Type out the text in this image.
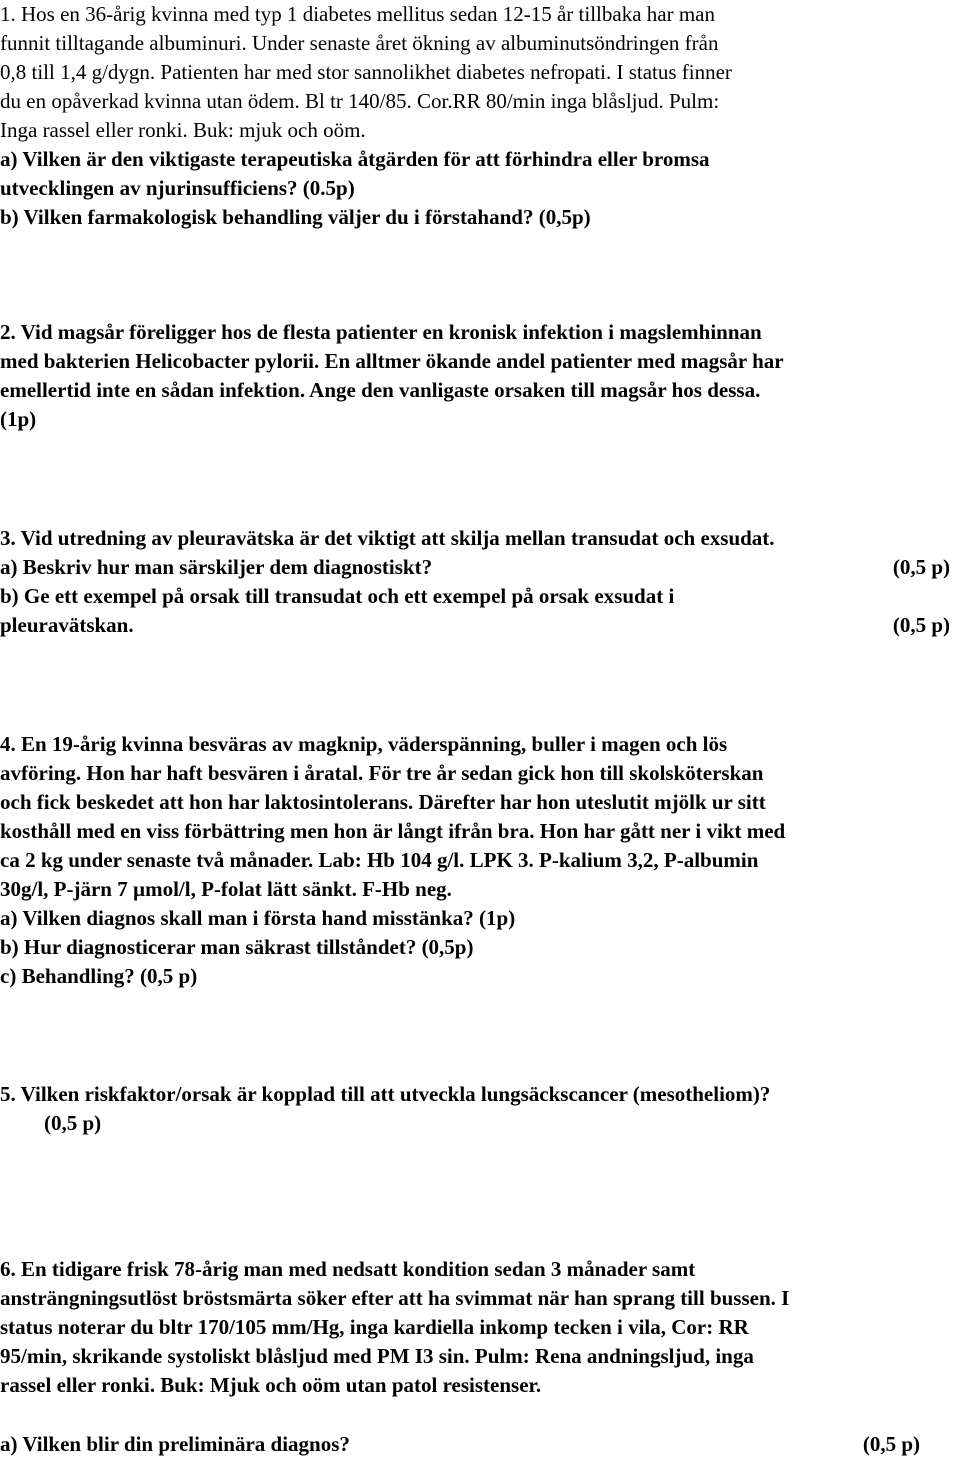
1. Hos en 36-årig kvinna med typ 1 diabetes mellitus sedan 12-15 år tillbaka har man
funnit tilltagande albuminuri. Under senaste året ökning av albuminutsöndringen från
0,8 till 1,4 g/dygn. Patienten har med stor sannolikhet diabetes nefropati. I status finner
du en opåverkad kvinna utan ödem. Bl tr 140/85. Cor.RR 80/min inga blåsljud. Pulm:
Inga rassel eller ronki. Buk: mjuk och oöm.
a) Vilken är den viktigaste terapeutiska åtgärden för att förhindra eller bromsa
utvecklingen av njurinsufficiens? (0.5p)
b) Vilken farmakologisk behandling väljer du i förstahand? (0,5p)
2. Vid magsår föreligger hos de flesta patienter en kronisk infektion i magslemhinnan
med bakterien Helicobacter pylorii. En alltmer ökande andel patienter med magsår har
emellertid inte en sådan infektion. Ange den vanligaste orsaken till magsår hos dessa.
(1p)
3. Vid utredning av pleuravätska är det viktigt att skilja mellan transudat och exsudat.
a) Beskriv hur man särskiljer dem diagnostiskt?	(0,5 p)
b) Ge ett exempel på orsak till transudat och ett exempel på orsak exsudat i
pleuravätskan.	(0,5 p)
4. En 19-årig kvinna besväras av magknip, väderspänning, buller i magen och lös
avföring. Hon har haft besvären i åratal. För tre år sedan gick hon till skolsköterskan
och fick beskedet att hon har laktosintolerans. Därefter har hon uteslutit mjölk ur sitt
kosthåll med en viss förbättring men hon är långt ifrån bra. Hon har gått ner i vikt med
ca 2 kg under senaste två månader. Lab: Hb 104 g/l. LPK 3. P-kalium 3,2, P-albumin
30g/l, P-järn 7 µmol/l, P-folat lätt sänkt. F-Hb neg.
a) Vilken diagnos skall man i första hand misstänka? (1p)
b) Hur diagnosticerar man säkrast tillståndet? (0,5p)
c) Behandling? (0,5 p)
5. Vilken riskfaktor/orsak är kopplad till att utveckla lungsäckscancer (mesotheliom)?
(0,5 p)
6. En tidigare frisk 78-årig man med nedsatt kondition sedan 3 månader samt
ansträngningsutlöst bröstsmärta söker efter att ha svimmat när han sprang till bussen. I
status noterar du bltr 170/105 mm/Hg, inga kardiella inkomp tecken i vila, Cor: RR
95/min, skrikande systoliskt blåsljud med PM I3 sin. Pulm: Rena andningsljud, inga
rassel eller ronki. Buk: Mjuk och oöm utan patol resistenser.
a) Vilken blir din preliminära diagnos?	(0,5 p)
